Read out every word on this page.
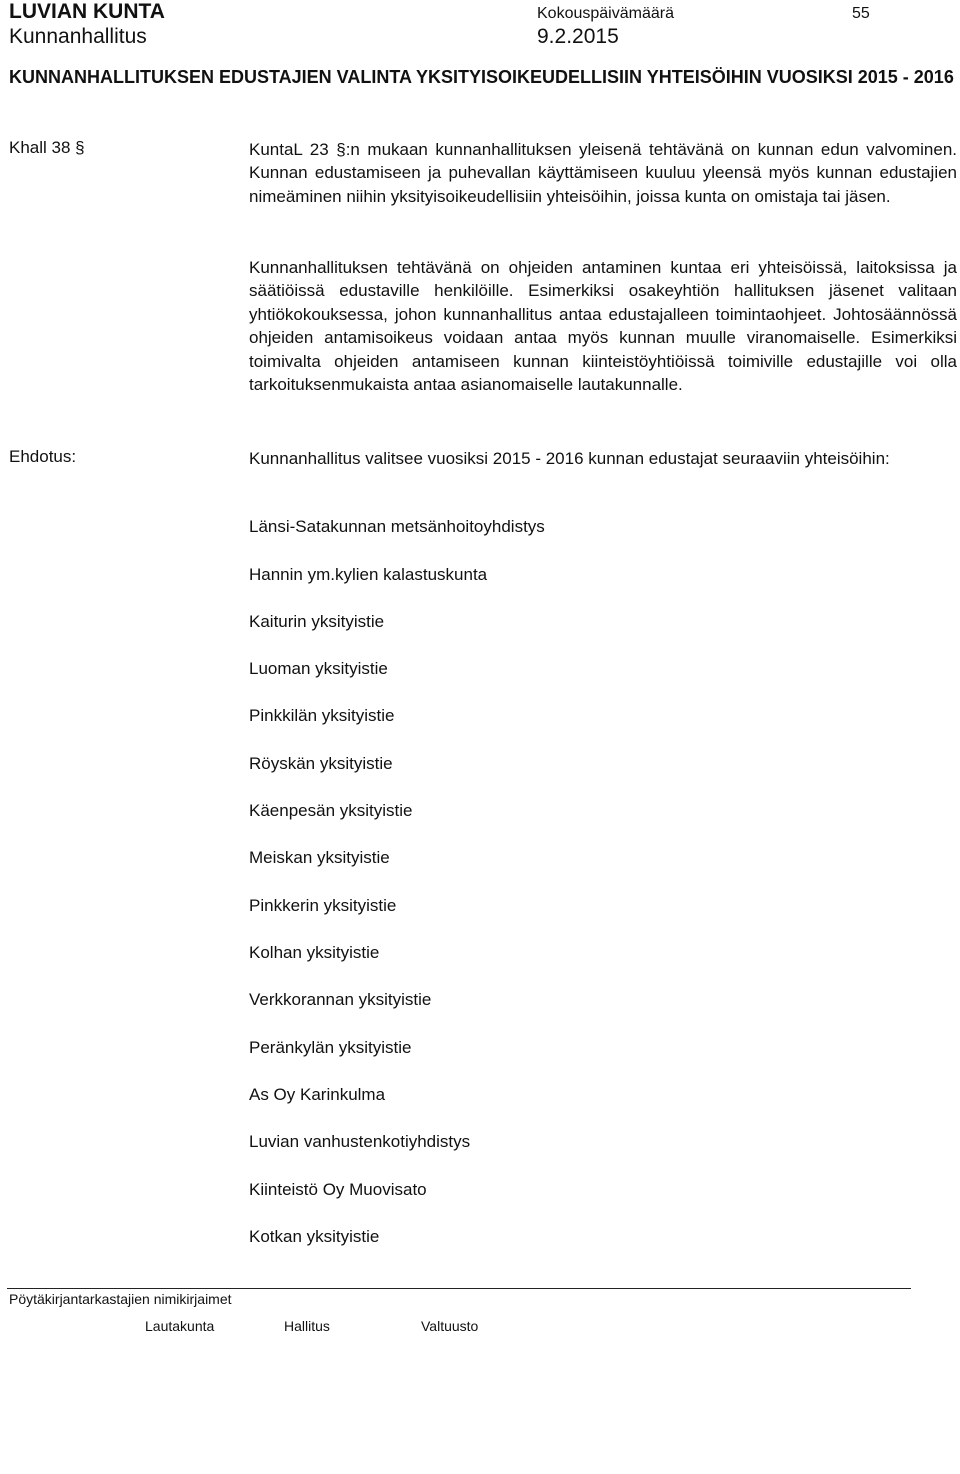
LUVIAN KUNTA
Kunnanhallitus
Kokouspäivämäärä
9.2.2015
55
KUNNANHALLITUKSEN EDUSTAJIEN VALINTA YKSITYISOIKEUDELLISIIN YHTEISÖIHIN VUOSIKSI 2015 - 2016
Khall 38 §	KuntaL 23 §:n mukaan kunnanhallituksen yleisenä tehtävänä on kunnan edun valvominen. Kunnan edustamiseen ja puhevallan käyttämiseen kuuluu yleensä myös kunnan edustajien nimeäminen niihin yksityisoikeudellisiin yhteisöihin, joissa kunta on omistaja tai jäsen.
Kunnanhallituksen tehtävänä on ohjeiden antaminen kuntaa eri yhteisöissä, laitoksissa ja säätiöissä edustaville henkilöille. Esimerkiksi osakeyhtiön hallituksen jäsenet valitaan yhtiökokouksessa, johon kunnanhallitus antaa edustajalleen toimintaohjeet. Johtosäännössä ohjeiden antamisoikeus voidaan antaa myös kunnan muulle viranomaiselle. Esimerkiksi toimivalta ohjeiden antamiseen kunnan kiinteistöyhtiöissä toimiville edustajille voi olla tarkoituksenmukaista antaa asianomaiselle lautakunnalle.
Ehdotus:	Kunnanhallitus valitsee vuosiksi 2015 - 2016 kunnan edustajat seuraaviin yhteisöihin:
Länsi-Satakunnan metsänhoitoyhdistys
Hannin ym.kylien kalastuskunta
Kaiturin yksityistie
Luoman yksityistie
Pinkkilän yksityistie
Röyskän yksityistie
Käenpesän yksityistie
Meiskan yksityistie
Pinkkerin yksityistie
Kolhan yksityistie
Verkkorannan yksityistie
Peränkylän yksityistie
As Oy Karinkulma
Luvian vanhustenkotiyhdistys
Kiinteistö Oy Muovisato
Kotkan yksityistie
Pöytäkirjantarkastajien nimikirjaimet
Lautakunta	Hallitus	Valtuusto
